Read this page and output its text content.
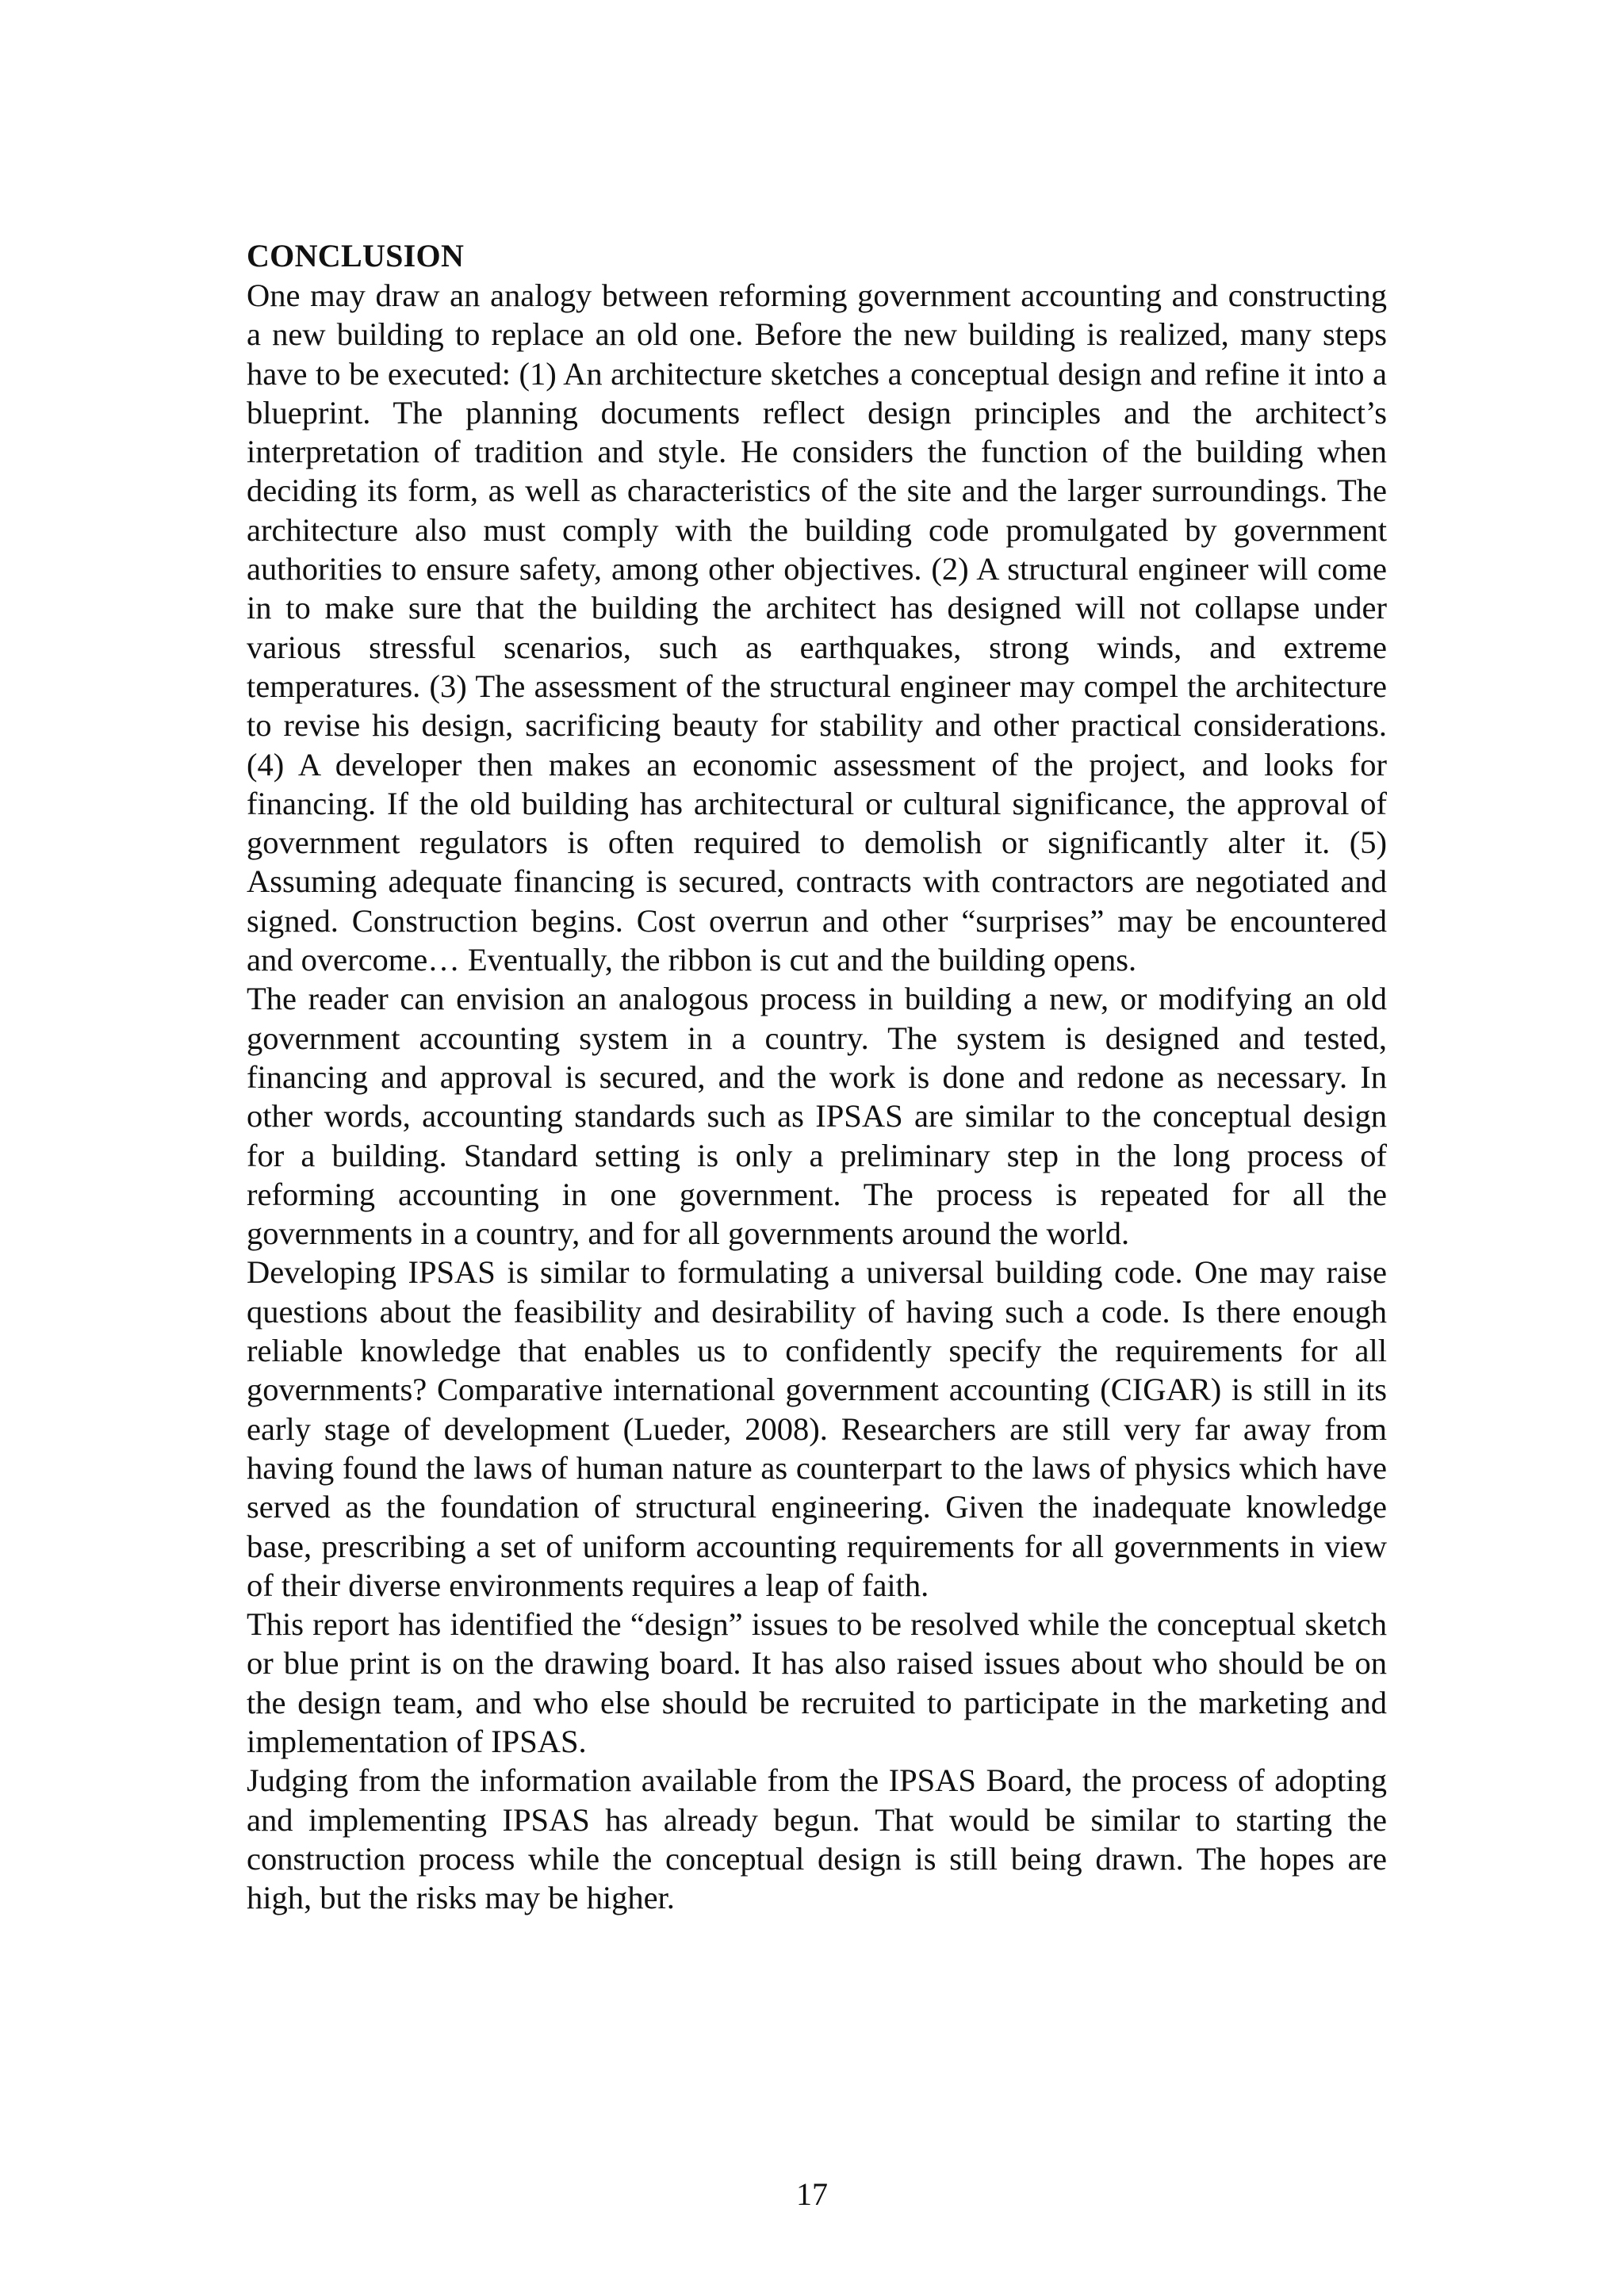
CONCLUSION

One may draw an analogy between reforming government accounting and constructing a new building to replace an old one. Before the new building is realized, many steps have to be executed: (1) An architecture sketches a conceptual design and refine it into a blueprint. The planning documents reflect design principles and the architect’s interpretation of tradition and style. He considers the function of the building when deciding its form, as well as characteristics of the site and the larger surroundings. The architecture also must comply with the building code promulgated by government authorities to ensure safety, among other objectives. (2) A structural engineer will come in to make sure that the building the architect has designed will not collapse under various stressful scenarios, such as earthquakes, strong winds, and extreme temperatures. (3) The assessment of the structural engineer may compel the architecture to revise his design, sacrificing beauty for stability and other practical considerations. (4) A developer then makes an economic assessment of the project, and looks for financing. If the old building has architectural or cultural significance, the approval of government regulators is often required to demolish or significantly alter it. (5) Assuming adequate financing is secured, contracts with contractors are negotiated and signed. Construction begins. Cost overrun and other “surprises” may be encountered and overcome… Eventually, the ribbon is cut and the building opens.

The reader can envision an analogous process in building a new, or modifying an old government accounting system in a country. The system is designed and tested, financing and approval is secured, and the work is done and redone as necessary. In other words, accounting standards such as IPSAS are similar to the conceptual design for a building. Standard setting is only a preliminary step in the long process of reforming accounting in one government. The process is repeated for all the governments in a country, and for all governments around the world.

Developing IPSAS is similar to formulating a universal building code. One may raise questions about the feasibility and desirability of having such a code. Is there enough reliable knowledge that enables us to confidently specify the requirements for all governments? Comparative international government accounting (CIGAR) is still in its early stage of development (Lueder, 2008). Researchers are still very far away from having found the laws of human nature as counterpart to the laws of physics which have served as the foundation of structural engineering. Given the inadequate knowledge base, prescribing a set of uniform accounting requirements for all governments in view of their diverse environments requires a leap of faith.

This report has identified the “design” issues to be resolved while the conceptual sketch or blue print is on the drawing board. It has also raised issues about who should be on the design team, and who else should be recruited to participate in the marketing and implementation of IPSAS.

Judging from the information available from the IPSAS Board, the process of adopting and implementing IPSAS has already begun. That would be similar to starting the construction process while the conceptual design is still being drawn. The hopes are high, but the risks may be higher.

17
